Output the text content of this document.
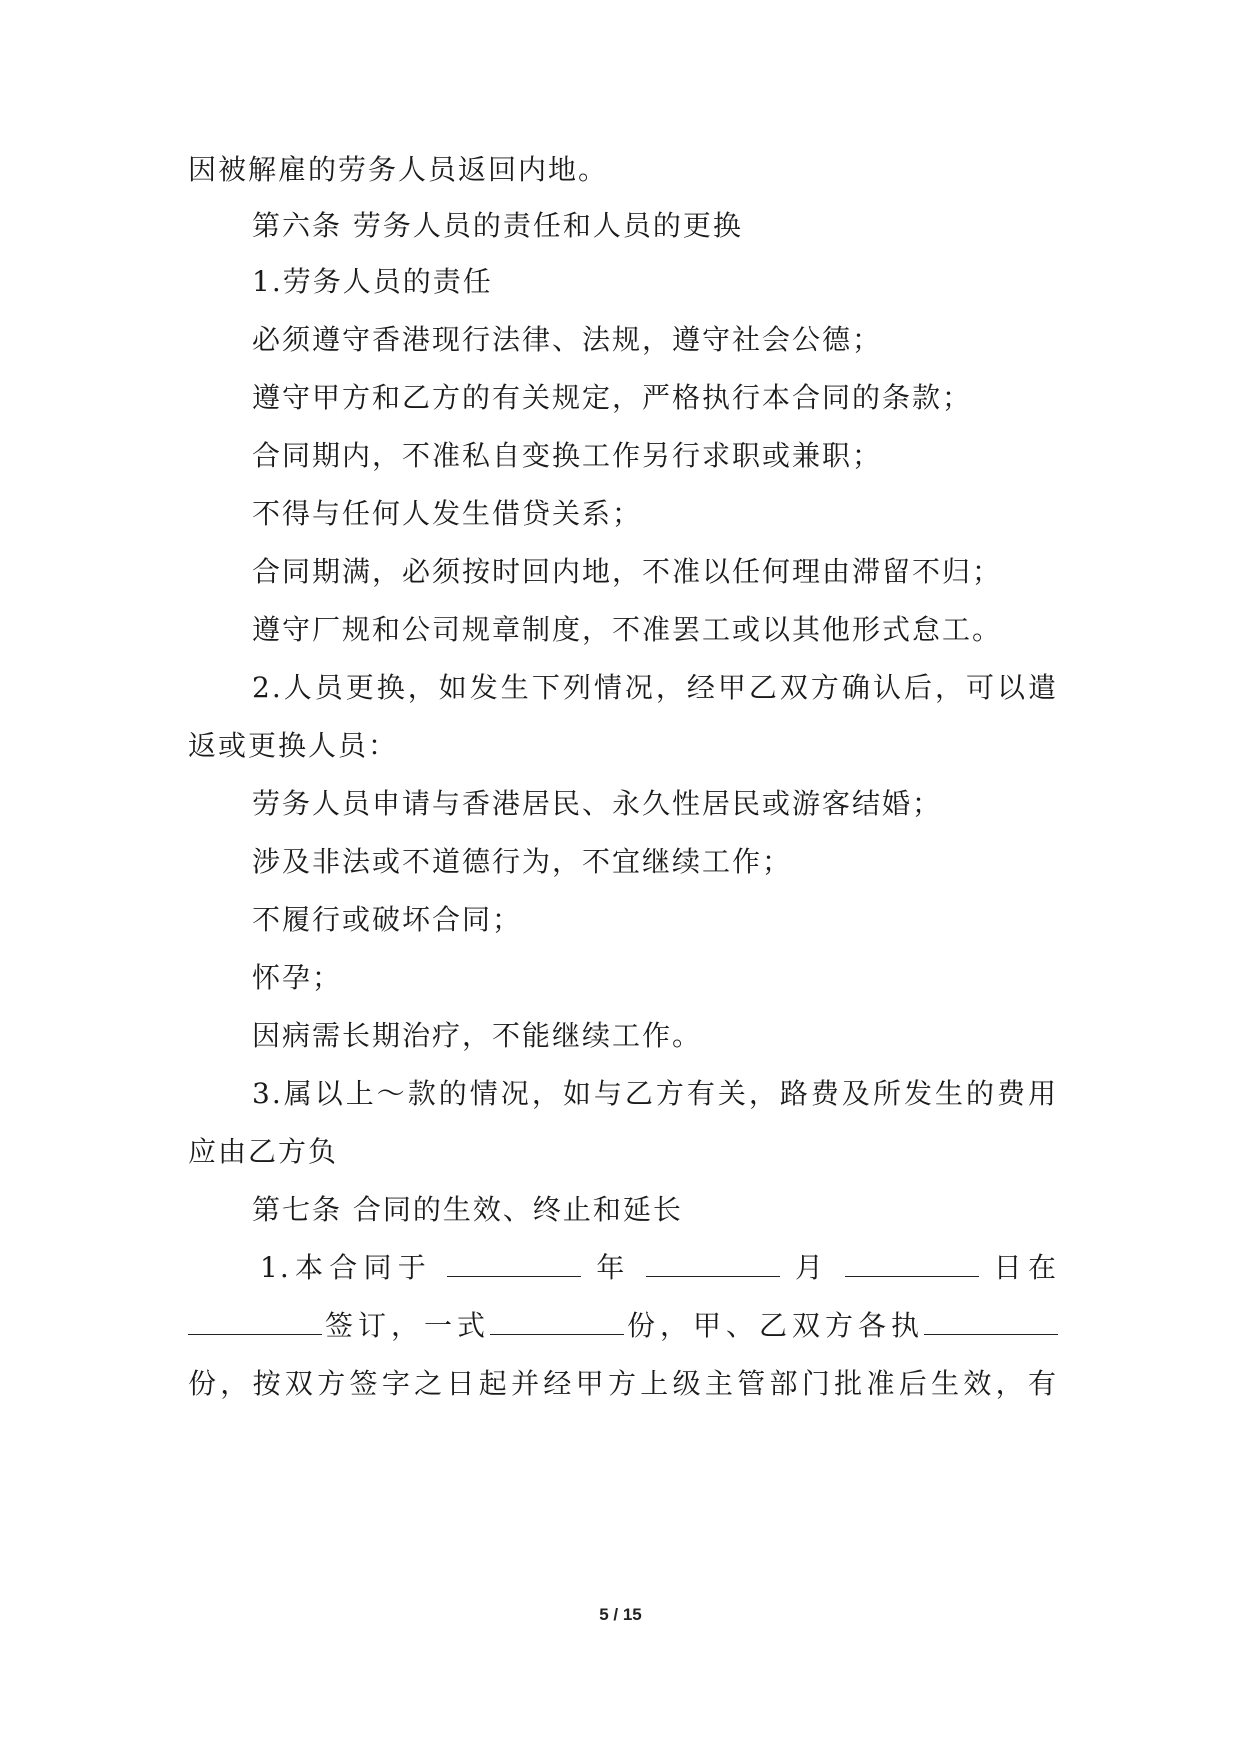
因被解雇的劳务人员返回内地。
第六条 劳务人员的责任和人员的更换
1.劳务人员的责任
必须遵守香港现行法律、法规，遵守社会公德；
遵守甲方和乙方的有关规定，严格执行本合同的条款；
合同期内，不准私自变换工作另行求职或兼职；
不得与任何人发生借贷关系；
合同期满，必须按时回内地，不准以任何理由滞留不归；
遵守厂规和公司规章制度，不准罢工或以其他形式怠工。
2.人员更换，如发生下列情况，经甲乙双方确认后，可以遣
返或更换人员：
劳务人员申请与香港居民、永久性居民或游客结婚；
涉及非法或不道德行为，不宜继续工作；
不履行或破坏合同；
怀孕；
因病需长期治疗，不能继续工作。
3.属以上～款的情况，如与乙方有关，路费及所发生的费用
应由乙方负
第七条 合同的生效、终止和延长
1.本合同于	年	月	日在
签订，一式	份，甲、乙双方各执
份，按双方签字之日起并经甲方上级主管部门批准后生效，有
5 / 15
